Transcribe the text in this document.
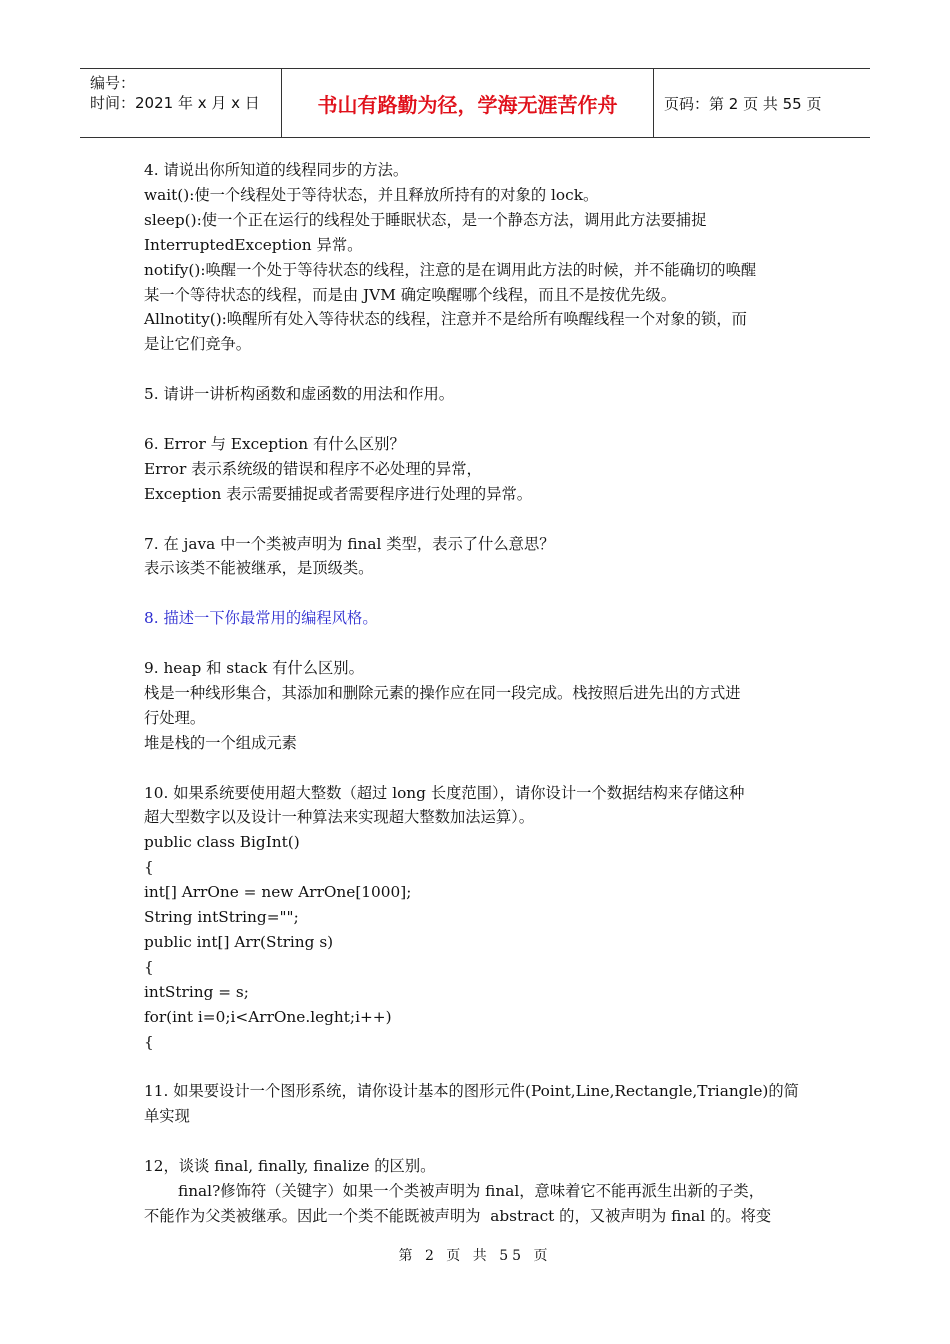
编号：
时间：2021 年 x 月 x 日	书山有路勤为径，学海无涯苦作舟	页码：第 2 页 共 55 页
4. 请说出你所知道的线程同步的方法。
wait():使一个线程处于等待状态，并且释放所持有的对象的 lock。
sleep():使一个正在运行的线程处于睡眠状态，是一个静态方法，调用此方法要捕捉
InterruptedException 异常。
notify():唤醒一个处于等待状态的线程，注意的是在调用此方法的时候，并不能确切的唤醒
某一个等待状态的线程，而是由 JVM 确定唤醒哪个线程，而且不是按优先级。
Allnotity():唤醒所有处入等待状态的线程，注意并不是给所有唤醒线程一个对象的锁，而
是让它们竞争。
5. 请讲一讲析构函数和虚函数的用法和作用。
6. Error 与 Exception 有什么区别？
Error 表示系统级的错误和程序不必处理的异常，
Exception 表示需要捕捉或者需要程序进行处理的异常。
7. 在 java 中一个类被声明为 final 类型，表示了什么意思？
表示该类不能被继承，是顶级类。
8. 描述一下你最常用的编程风格。
9. heap 和 stack 有什么区别。
栈是一种线形集合，其添加和删除元素的操作应在同一段完成。栈按照后进先出的方式进
行处理。
堆是栈的一个组成元素
10. 如果系统要使用超大整数（超过 long 长度范围），请你设计一个数据结构来存储这种
超大型数字以及设计一种算法来实现超大整数加法运算）。
public class BigInt()
{
int[] ArrOne = new ArrOne[1000];
String intString="";
public int[] Arr(String s)
{
intString = s;
for(int i=0;i<ArrOne.leght;i++)
{
11. 如果要设计一个图形系统，请你设计基本的图形元件(Point,Line,Rectangle,Triangle)的简
单实现
12，谈谈 final, finally, finalize 的区别。
final?修饰符（关键字）如果一个类被声明为 final，意味着它不能再派生出新的子类，
不能作为父类被继承。因此一个类不能既被声明为  abstract 的，又被声明为 final 的。将变
第 2 页 共 55 页
